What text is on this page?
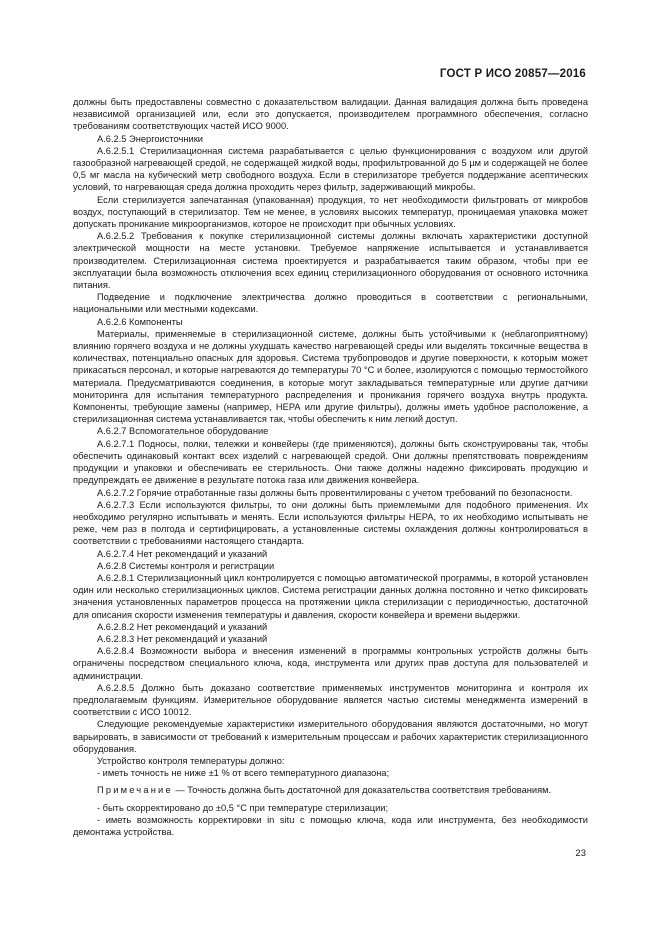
ГОСТ Р ИСО 20857—2016

должны быть предоставлены совместно с доказательством валидации. Данная валидация должна быть проведена независимой организацией или, если это допускается, производителем программного обеспечения, согласно требованиям соответствующих частей ИСО 9000.

А.6.2.5 Энергоисточники

А.6.2.5.1 Стерилизационная система разрабатывается с целью функционирования с воздухом или другой газообразной нагревающей средой, не содержащей жидкой воды, профильтрованной до 5 µм и содержащей не более 0,5 мг масла на кубический метр свободного воздуха. Если в стерилизаторе требуется поддержание асептических условий, то нагревающая среда должна проходить через фильтр, задерживающий микробы.

Если стерилизуется запечатанная (упакованная) продукция, то нет необходимости фильтровать от микробов воздух, поступающий в стерилизатор. Тем не менее, в условиях высоких температур, проницаемая упаковка может допускать проникание микроорганизмов, которое не происходит при обычных условиях.

А.6.2.5.2 Требования к покупке стерилизационной системы должны включать характеристики доступной электрической мощности на месте установки. Требуемое напряжение испытывается и устанавливается производителем. Стерилизационная система проектируется и разрабатывается таким образом, чтобы при ее эксплуатации была возможность отключения всех единиц стерилизационного оборудования от основного источника питания.

Подведение и подключение электричества должно проводиться в соответствии с региональными, национальными или местными кодексами.

А.6.2.6 Компоненты

Материалы, применяемые в стерилизационной системе, должны быть устойчивыми к (неблагоприятному) влиянию горячего воздуха и не должны ухудшать качество нагревающей среды или выделять токсичные вещества в количествах, потенциально опасных для здоровья. Система трубопроводов и другие поверхности, к которым может прикасаться персонал, и которые нагреваются до температуры 70 °С и более, изолируются с помощью термостойкого материала. Предусматриваются соединения, в которые могут закладываться температурные или другие датчики мониторинга для испытания температурного распределения и проникания горячего воздуха внутрь продукта. Компоненты, требующие замены (например, НЕРА или другие фильтры), должны иметь удобное расположение, а стерилизационная система устанавливается так, чтобы обеспечить к ним легкий доступ.

А.6.2.7 Вспомогательное оборудование

А.6.2.7.1 Подносы, полки, тележки и конвейеры (где применяются), должны быть сконструированы так, чтобы обеспечить одинаковый контакт всех изделий с нагревающей средой. Они должны препятствовать повреждениям продукции и упаковки и обеспечивать ее стерильность. Они также должны надежно фиксировать продукцию и предупреждать ее движение в результате потока газа или движения конвейера.

А.6.2.7.2 Горячие отработанные газы должны быть провентилированы с учетом требований по безопасности.

А.6.2.7.3 Если используются фильтры, то они должны быть приемлемыми для подобного применения. Их необходимо регулярно испытывать и менять. Если используются фильтры НЕРА, то их необходимо испытывать не реже, чем раз в полгода и сертифицировать, а установленные системы охлаждения должны контролироваться в соответствии с требованиями настоящего стандарта.

А.6.2.7.4 Нет рекомендаций и указаний

А.6.2.8 Системы контроля и регистрации

А.6.2.8.1 Стерилизационный цикл контролируется с помощью автоматической программы, в которой установлен один или несколько стерилизационных циклов. Система регистрации данных должна постоянно и четко фиксировать значения установленных параметров процесса на протяжении цикла стерилизации с периодичностью, достаточной для описания скорости изменения температуры и давления, скорости конвейера и времени выдержки.

А.6.2.8.2 Нет рекомендаций и указаний

А.6.2.8.3 Нет рекомендаций и указаний

А.6.2.8.4 Возможности выбора и внесения изменений в программы контрольных устройств должны быть ограничены посредством специального ключа, кода, инструмента или других прав доступа для пользователей и администрации.

А.6.2.8.5 Должно быть доказано соответствие применяемых инструментов мониторинга и контроля их предполагаемым функциям. Измерительное оборудование является частью системы менеджмента измерений в соответствии с ИСО 10012.

Следующие рекомендуемые характеристики измерительного оборудования являются достаточными, но могут варьировать, в зависимости от требований к измерительным процессам и рабочих характеристик стерилизационного оборудования.

Устройство контроля температуры должно:

- иметь точность не ниже ±1 % от всего температурного диапазона;

Примечание — Точность должна быть достаточной для доказательства соответствия требованиям.

- быть скорректировано до ±0,5 °С при температуре стерилизации;

- иметь возможность корректировки in situ с помощью ключа, кода или инструмента, без необходимости демонтажа устройства.

23
